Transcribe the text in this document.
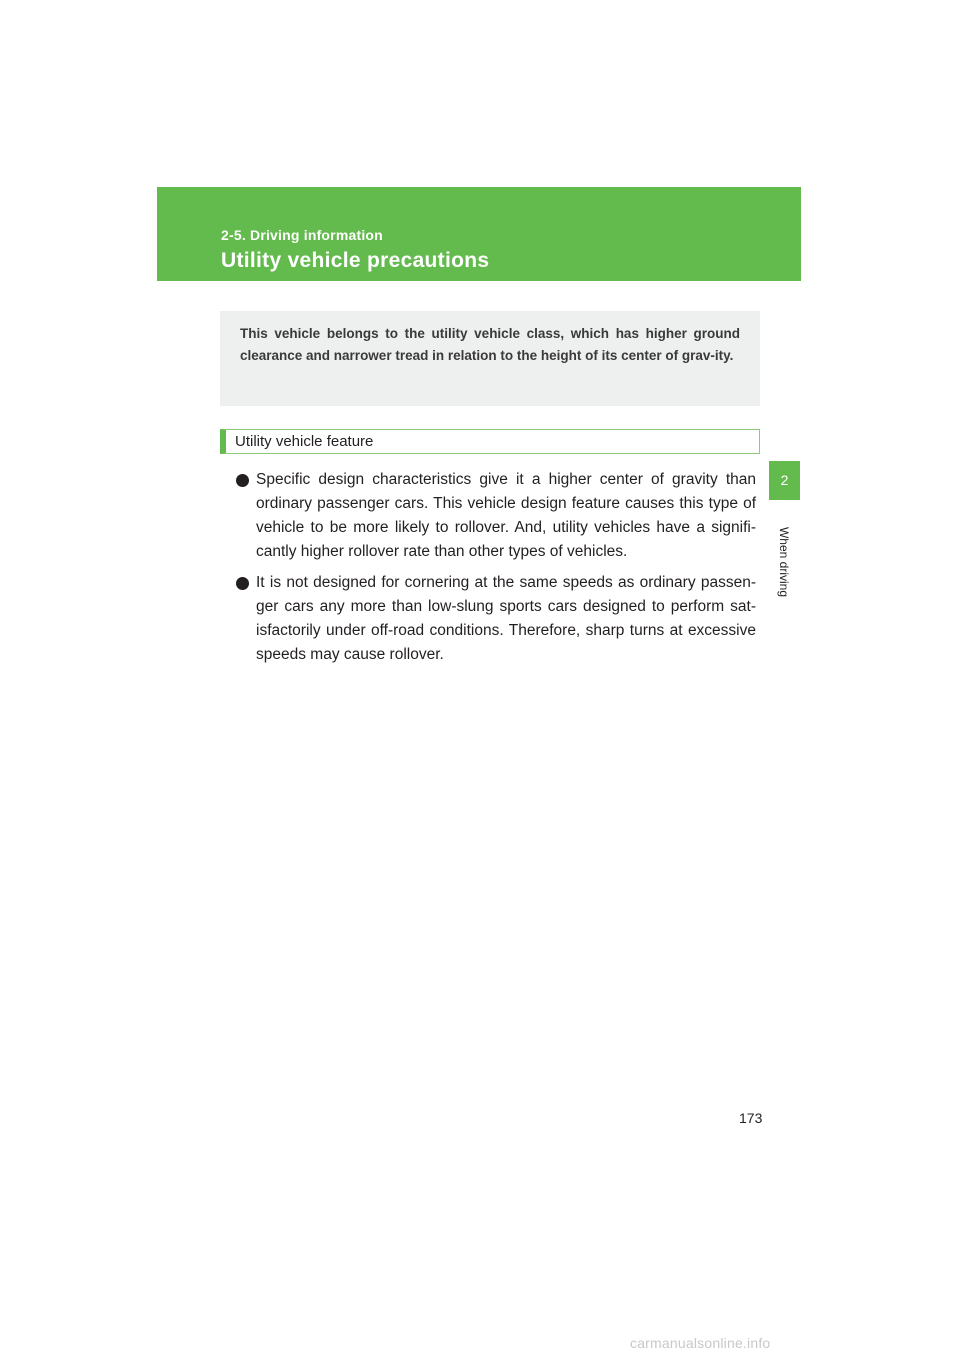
2-5. Driving information
Utility vehicle precautions
2
When driving

This vehicle belongs to the utility vehicle class, which has higher ground clearance and narrower tread in relation to the height of its center of grav-ity.

Utility vehicle feature
Specific design characteristics give it a higher center of gravity than ordinary passenger cars. This vehicle design feature causes this type of vehicle to be more likely to rollover. And, utility vehicles have a signifi-cantly higher rollover rate than other types of vehicles.
It is not designed for cornering at the same speeds as ordinary passen-ger cars any more than low-slung sports cars designed to perform sat-isfactorily under off-road conditions. Therefore, sharp turns at excessive speeds may cause rollover.
173
carmanualsonline.info
